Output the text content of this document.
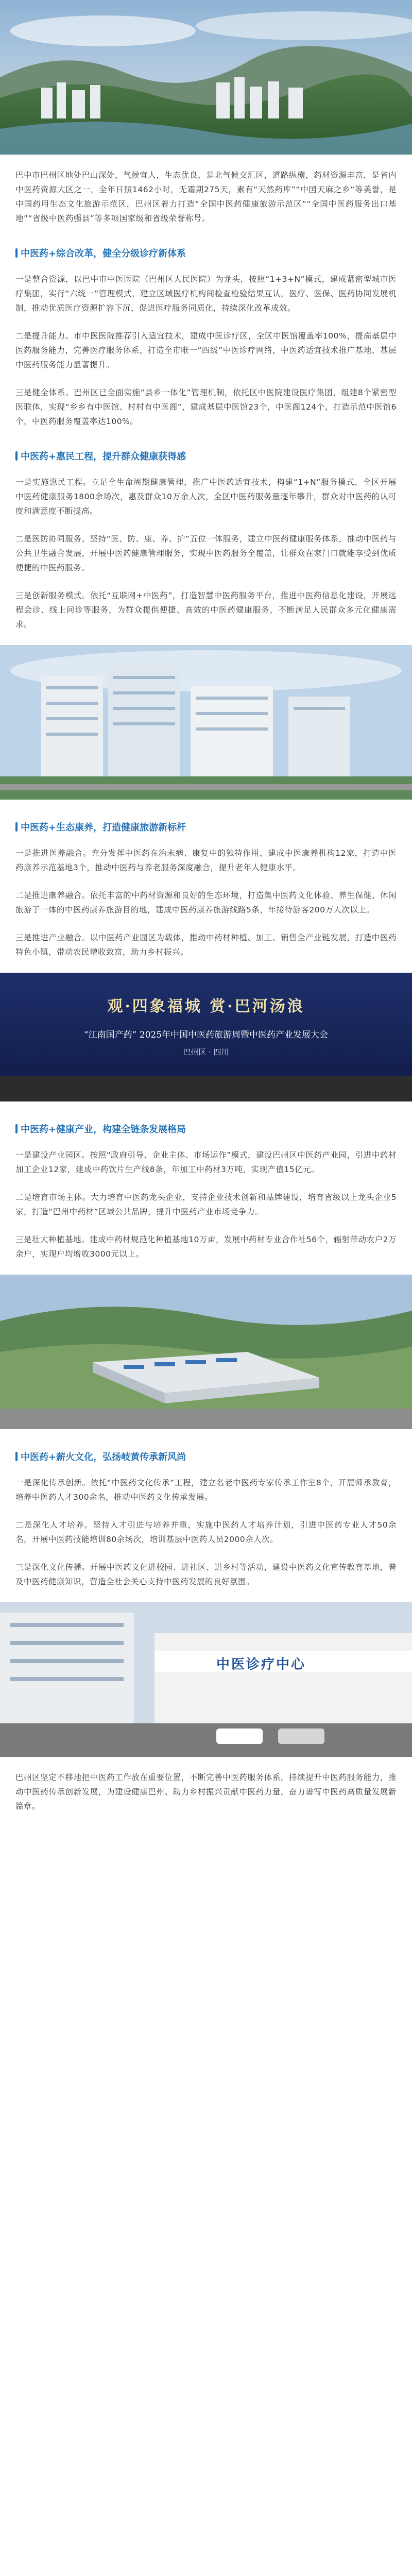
巴中市巴州区地处巴山深处，气候宜人，生态优良，是北气候交汇区，道路纵横，药材资源丰富，是省内中医药资源大区之一，全年日照1462小时，无霜期275天，素有“天然药库”“中国天麻之乡”等美誉，是中国药用生态文化旅游示范区，巴州区着力打造“全国中医药健康旅游示范区”“全国中医药服务出口基地”“省级中医药强县”等多项国家级和省级荣誉称号。

中医药+综合改革，健全分级诊疗新体系

一是整合资源，以巴中市中医医院（巴州区人民医院）为龙头，按照“1+3+N”模式，建成紧密型城市医疗集团，实行“六统一”管理模式，建立区域医疗机构间检查检验结果互认，医疗、医保、医药协同发展机制，推动优质医疗资源扩容下沉，促进医疗服务同质化，持续深化改革成效。

二是提升能力。市中医医院推荐引入适宜技术，建成中医诊疗区，全区中医馆覆盖率100%，提高基层中医药服务能力，完善医疗服务体系，打造全市唯一“四级”中医诊疗网络，中医药适宜技术推广基地，基层中医药服务能力显著提升。

三是健全体系。巴州区已全面实施“县乡一体化”管理机制，依托区中医院建设医疗集团，组建8个紧密型医联体，实现“乡乡有中医馆、村村有中医阁”，建成基层中医馆23个，中医阁124个，打造示范中医馆6个，中医药服务覆盖率达100%。

中医药+惠民工程，提升群众健康获得感

一是实施惠民工程。立足全生命周期健康管理，推广中医药适宜技术，构建“1+N”服务模式，全区开展中医药健康服务1800余场次，惠及群众10万余人次，全区中医药服务量逐年攀升，群众对中医药的认可度和满意度不断提高。

二是医防协同服务。坚持“医、防、康、养、护”五位一体服务，建立中医药健康服务体系，推动中医药与公共卫生融合发展，开展中医药健康管理服务，实现中医药服务全覆盖，让群众在家门口就能享受到优质便捷的中医药服务。

三是创新服务模式。依托“互联网+中医药”，打造智慧中医药服务平台，推进中医药信息化建设，开展远程会诊、线上问诊等服务，为群众提供便捷、高效的中医药健康服务，不断满足人民群众多元化健康需求。

中医药+生态康养，打造健康旅游新标杆

一是推进医养融合。充分发挥中医药在治未病、康复中的独特作用，建成中医康养机构12家，打造中医药康养示范基地3个，推动中医药与养老服务深度融合，提升老年人健康水平。

二是推进康养融合。依托丰富的中药材资源和良好的生态环境，打造集中医药文化体验、养生保健、休闲旅游于一体的中医药康养旅游目的地，建成中医药康养旅游线路5条，年接待游客200万人次以上。

三是推进产业融合。以中医药产业园区为载体，推动中药材种植、加工、销售全产业链发展，打造中医药特色小镇，带动农民增收致富，助力乡村振兴。

观·四象福城 赏·巴河汤浪
“江南国产药” 2025年中国中医药旅游周暨中医药产业发展大会
巴州区 · 四川
中医药+健康产业，构建全链条发展格局

一是建设产业园区。按照“政府引导、企业主体、市场运作”模式，建设巴州区中医药产业园，引进中药材加工企业12家，建成中药饮片生产线8条，年加工中药材3万吨，实现产值15亿元。

二是培育市场主体。大力培育中医药龙头企业，支持企业技术创新和品牌建设，培育省级以上龙头企业5家，打造“巴州中药材”区域公共品牌，提升中医药产业市场竞争力。

三是壮大种植基地。建成中药材规范化种植基地10万亩，发展中药材专业合作社56个，辐射带动农户2万余户，实现户均增收3000元以上。

中医药+薪火文化，弘扬岐黄传承新风尚

一是深化传承创新。依托“中医药文化传承”工程，建立名老中医药专家传承工作室8个，开展师承教育，培养中医药人才300余名，推动中医药文化传承发展。

二是深化人才培养。坚持人才引进与培养并重，实施中医药人才培养计划，引进中医药专业人才50余名，开展中医药技能培训80余场次，培训基层中医药人员2000余人次。

三是深化文化传播。开展中医药文化进校园、进社区、进乡村等活动，建设中医药文化宣传教育基地，普及中医药健康知识，营造全社会关心支持中医药发展的良好氛围。

中医诊疗中心

巴州区坚定不移地把中医药工作放在重要位置，不断完善中医药服务体系，持续提升中医药服务能力，推动中医药传承创新发展，为建设健康巴州、助力乡村振兴贡献中医药力量，奋力谱写中医药高质量发展新篇章。
